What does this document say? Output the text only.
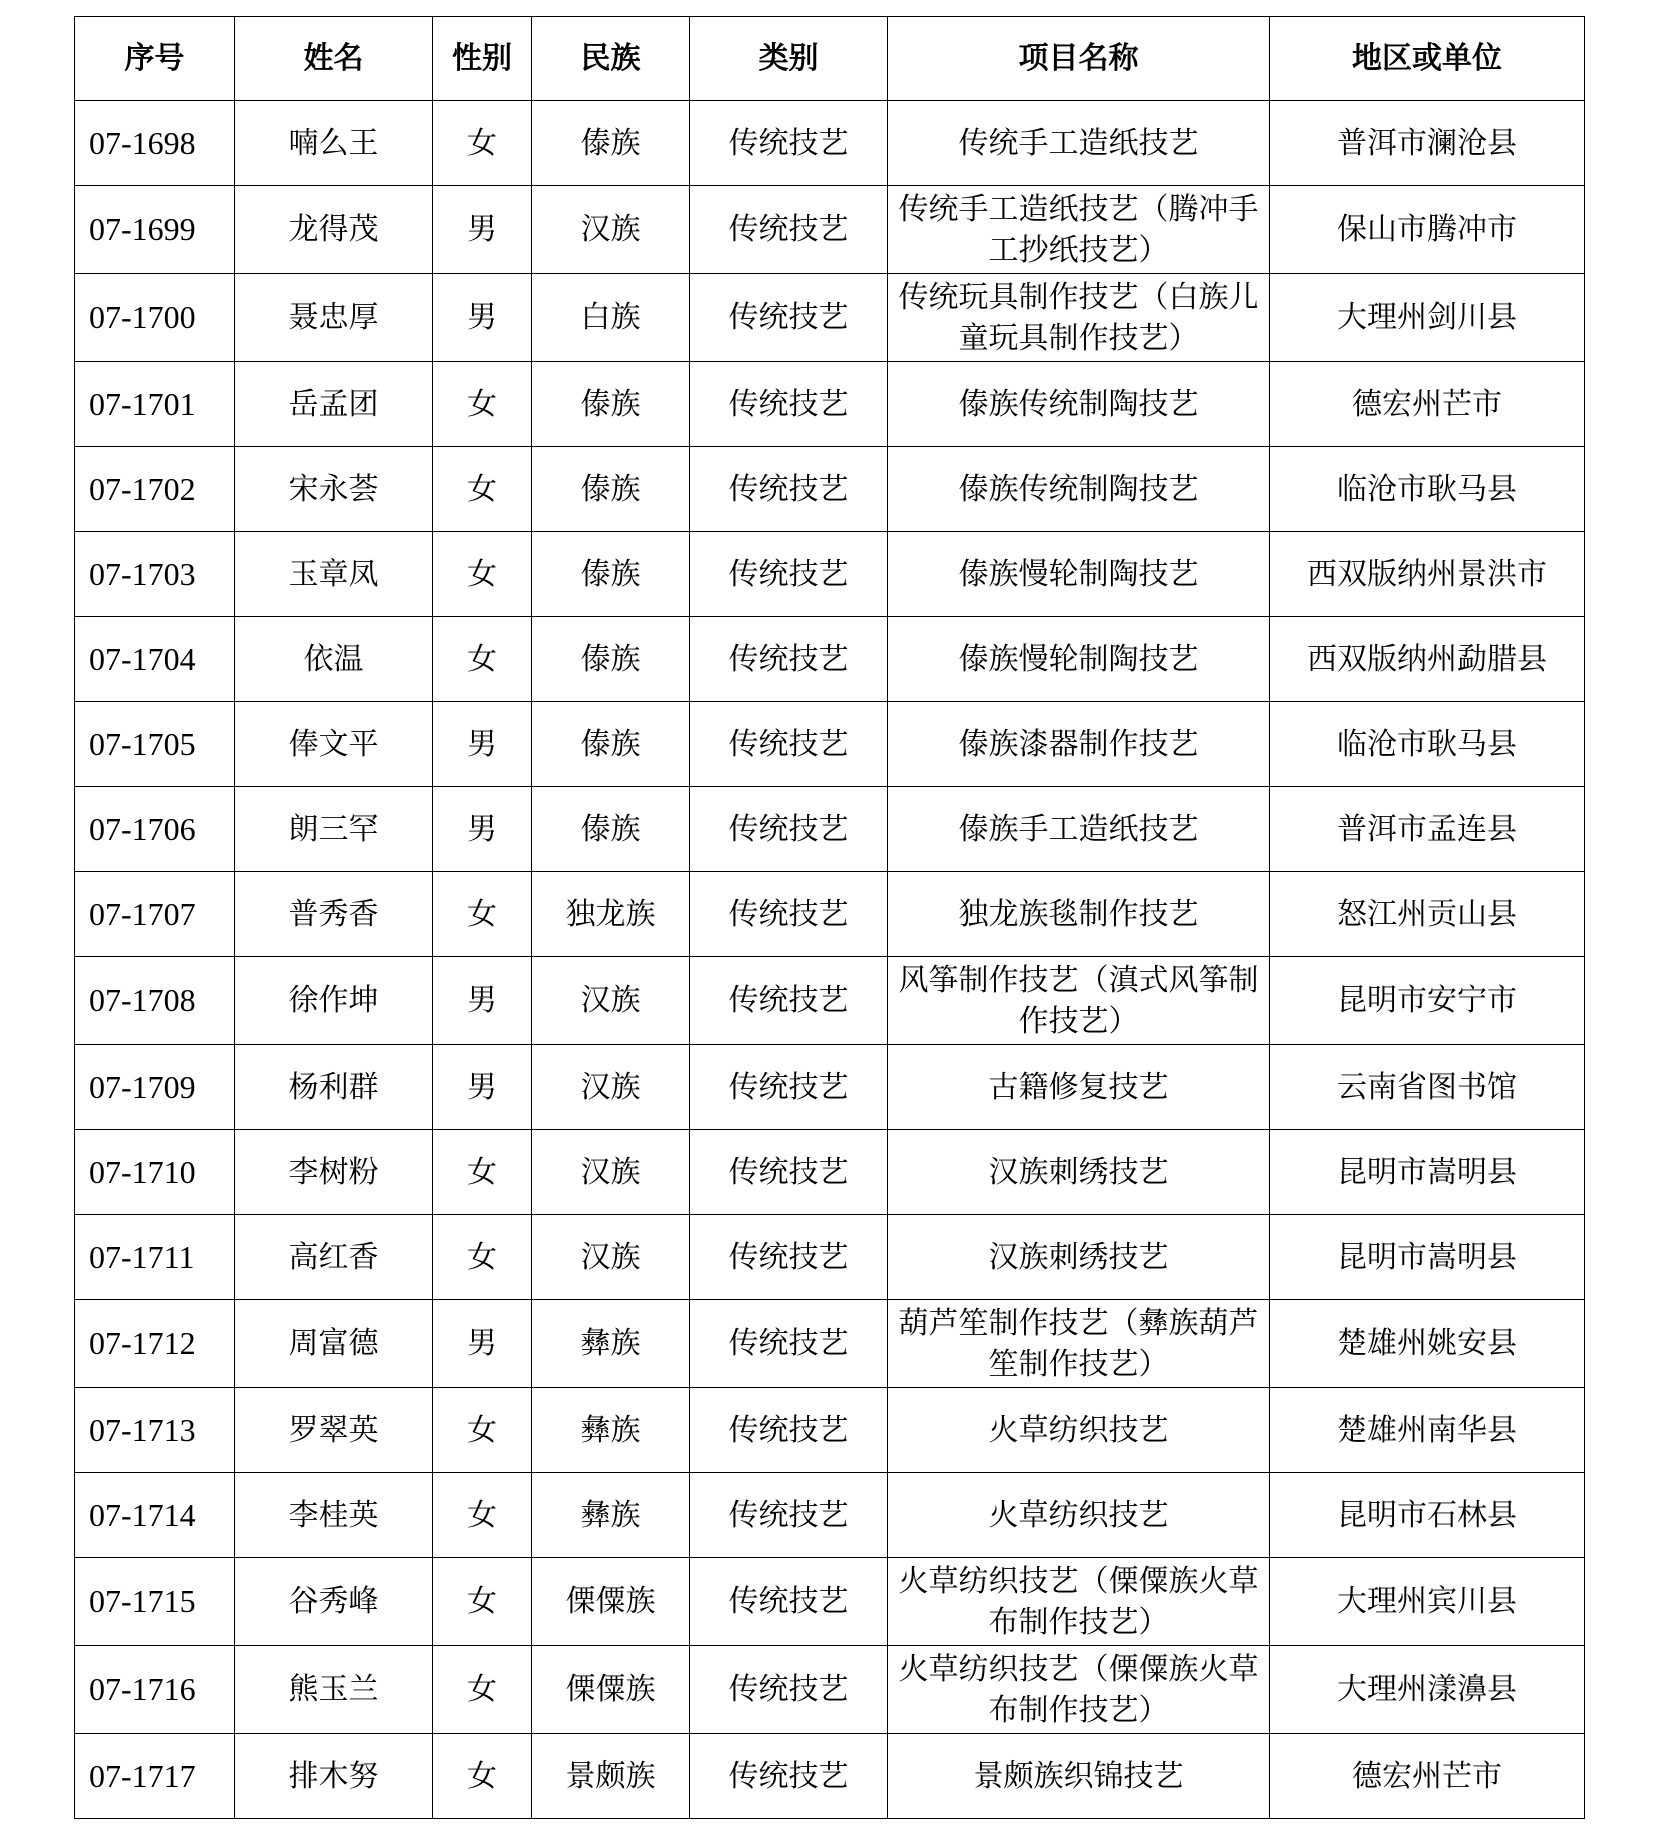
序号	姓名	性别	民族	类别	项目名称	地区或单位
07-1698	喃么王	女	傣族	传统技艺	传统手工造纸技艺	普洱市澜沧县
07-1699	龙得茂	男	汉族	传统技艺	传统手工造纸技艺（腾冲手工抄纸技艺）	保山市腾冲市
07-1700	聂忠厚	男	白族	传统技艺	传统玩具制作技艺（白族儿童玩具制作技艺）	大理州剑川县
07-1701	岳孟团	女	傣族	传统技艺	傣族传统制陶技艺	德宏州芒市
07-1702	宋永荟	女	傣族	传统技艺	傣族传统制陶技艺	临沧市耿马县
07-1703	玉章凤	女	傣族	传统技艺	傣族慢轮制陶技艺	西双版纳州景洪市
07-1704	依温	女	傣族	传统技艺	傣族慢轮制陶技艺	西双版纳州勐腊县
07-1705	俸文平	男	傣族	传统技艺	傣族漆器制作技艺	临沧市耿马县
07-1706	朗三罕	男	傣族	传统技艺	傣族手工造纸技艺	普洱市孟连县
07-1707	普秀香	女	独龙族	传统技艺	独龙族毯制作技艺	怒江州贡山县
07-1708	徐作坤	男	汉族	传统技艺	风筝制作技艺（滇式风筝制作技艺）	昆明市安宁市
07-1709	杨利群	男	汉族	传统技艺	古籍修复技艺	云南省图书馆
07-1710	李树粉	女	汉族	传统技艺	汉族刺绣技艺	昆明市嵩明县
07-1711	高红香	女	汉族	传统技艺	汉族刺绣技艺	昆明市嵩明县
07-1712	周富德	男	彝族	传统技艺	葫芦笙制作技艺（彝族葫芦笙制作技艺）	楚雄州姚安县
07-1713	罗翠英	女	彝族	传统技艺	火草纺织技艺	楚雄州南华县
07-1714	李桂英	女	彝族	传统技艺	火草纺织技艺	昆明市石林县
07-1715	谷秀峰	女	傈僳族	传统技艺	火草纺织技艺（傈僳族火草布制作技艺）	大理州宾川县
07-1716	熊玉兰	女	傈僳族	传统技艺	火草纺织技艺（傈僳族火草布制作技艺）	大理州漾濞县
07-1717	排木努	女	景颇族	传统技艺	景颇族织锦技艺	德宏州芒市
